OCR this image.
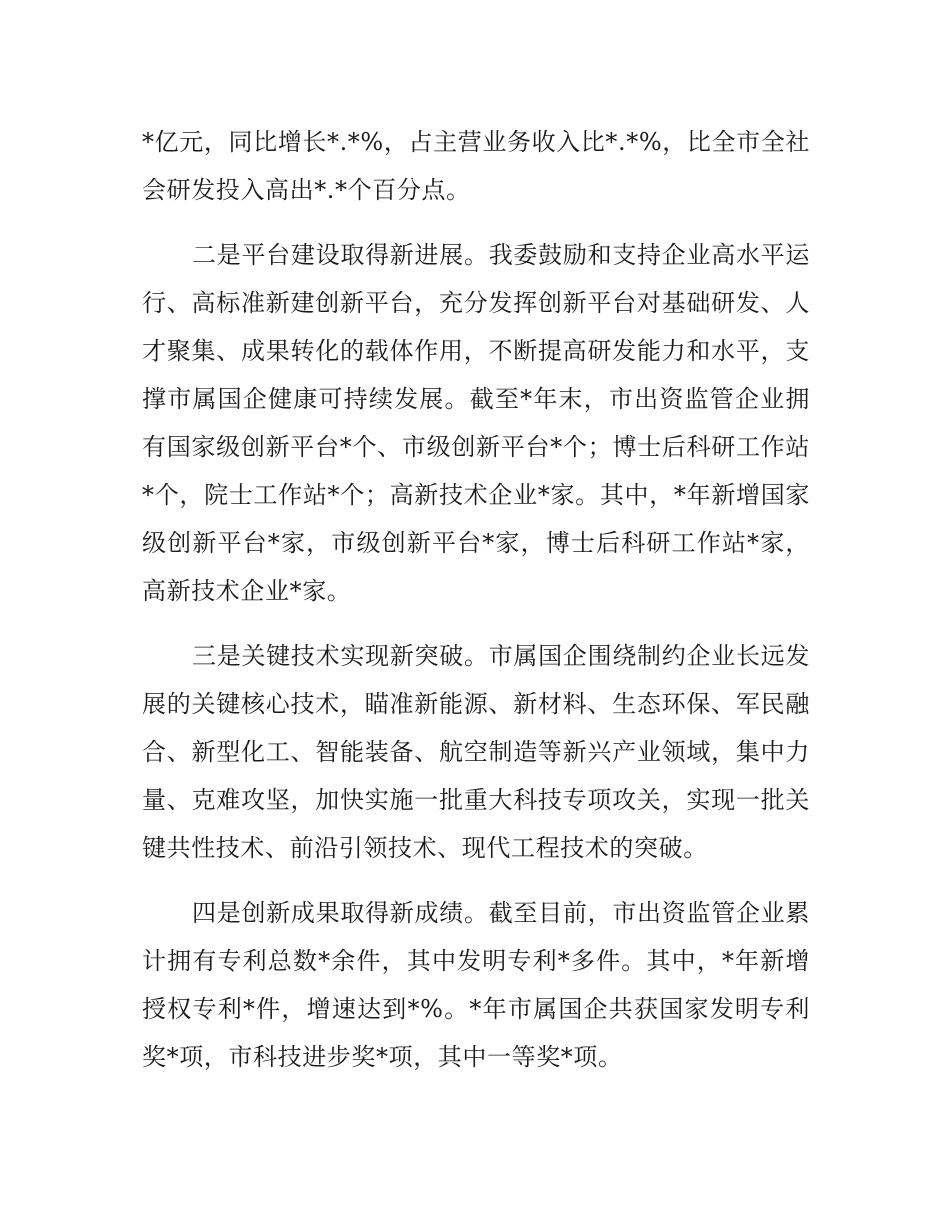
*亿元，同比增长*.*%，占主营业务收入比*.*%，比全市全社会研发投入高出*.*个百分点。

二是平台建设取得新进展。我委鼓励和支持企业高水平运行、高标准新建创新平台，充分发挥创新平台对基础研发、人才聚集、成果转化的载体作用，不断提高研发能力和水平，支撑市属国企健康可持续发展。截至*年末，市出资监管企业拥有国家级创新平台*个、市级创新平台*个；博士后科研工作站*个，院士工作站*个；高新技术企业*家。其中，*年新增国家级创新平台*家，市级创新平台*家，博士后科研工作站*家，高新技术企业*家。

三是关键技术实现新突破。市属国企围绕制约企业长远发展的关键核心技术，瞄准新能源、新材料、生态环保、军民融合、新型化工、智能装备、航空制造等新兴产业领域，集中力量、克难攻坚，加快实施一批重大科技专项攻关，实现一批关键共性技术、前沿引领技术、现代工程技术的突破。

四是创新成果取得新成绩。截至目前，市出资监管企业累计拥有专利总数*余件，其中发明专利*多件。其中，*年新增授权专利*件，增速达到*%。*年市属国企共获国家发明专利奖*项，市科技进步奖*项，其中一等奖*项。
